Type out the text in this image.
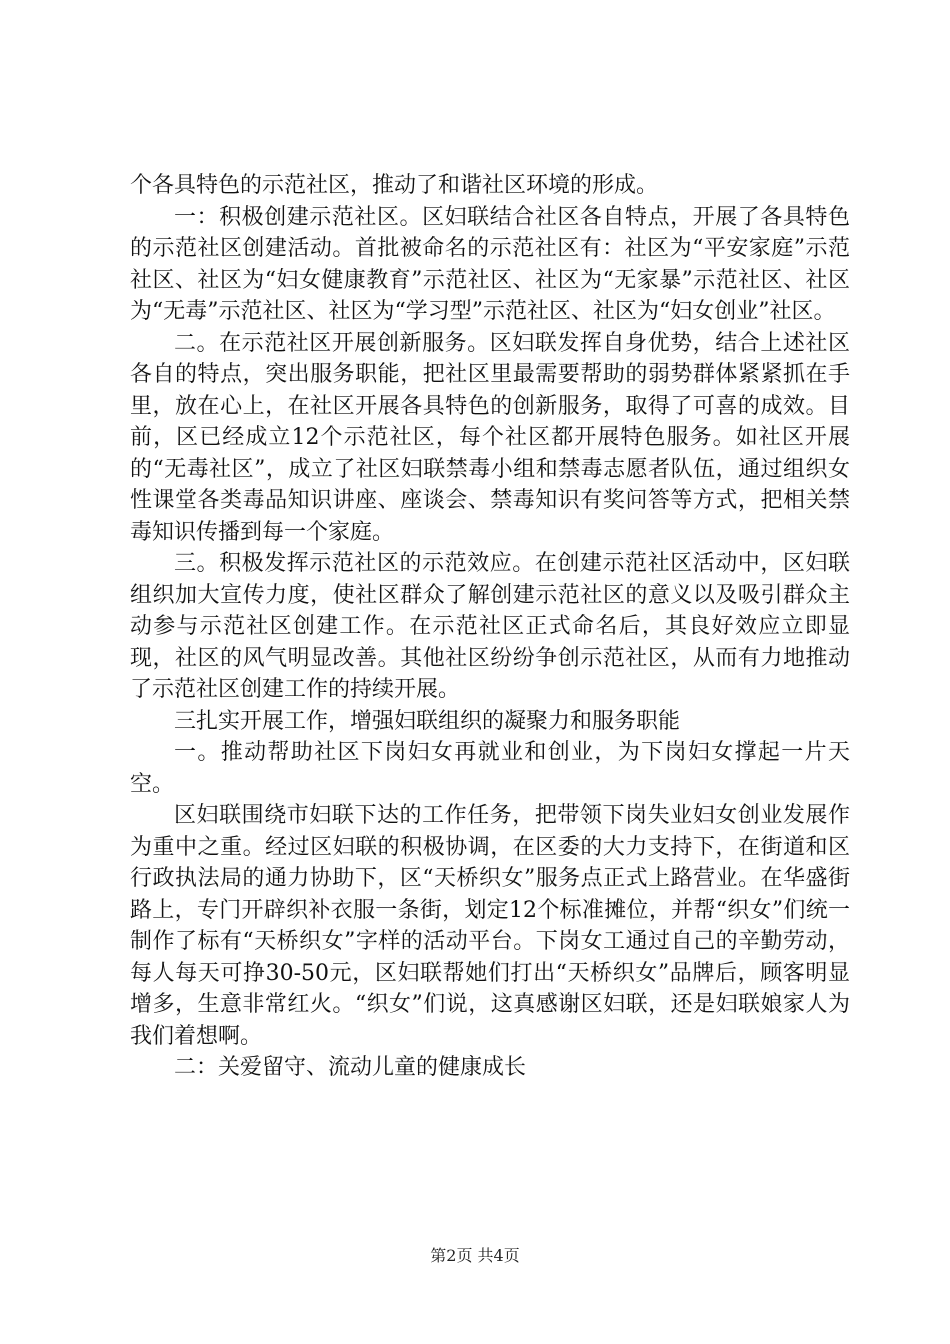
个各具特色的示范社区，推动了和谐社区环境的形成。

一：积极创建示范社区。区妇联结合社区各自特点，开展了各具特色的示范社区创建活动。首批被命名的示范社区有：社区为“平安家庭”示范社区、社区为“妇女健康教育”示范社区、社区为“无家暴”示范社区、社区为“无毒”示范社区、社区为“学习型”示范社区、社区为“妇女创业”社区。

二。在示范社区开展创新服务。区妇联发挥自身优势，结合上述社区各自的特点，突出服务职能，把社区里最需要帮助的弱势群体紧紧抓在手里，放在心上，在社区开展各具特色的创新服务，取得了可喜的成效。目前，区已经成立12个示范社区，每个社区都开展特色服务。如社区开展的“无毒社区”，成立了社区妇联禁毒小组和禁毒志愿者队伍，通过组织女性课堂各类毒品知识讲座、座谈会、禁毒知识有奖问答等方式，把相关禁毒知识传播到每一个家庭。

三。积极发挥示范社区的示范效应。在创建示范社区活动中，区妇联组织加大宣传力度，使社区群众了解创建示范社区的意义以及吸引群众主动参与示范社区创建工作。在示范社区正式命名后，其良好效应立即显现，社区的风气明显改善。其他社区纷纷争创示范社区，从而有力地推动了示范社区创建工作的持续开展。

三扎实开展工作，增强妇联组织的凝聚力和服务职能

一。推动帮助社区下岗妇女再就业和创业，为下岗妇女撑起一片天空。

区妇联围绕市妇联下达的工作任务，把带领下岗失业妇女创业发展作为重中之重。经过区妇联的积极协调，在区委的大力支持下，在街道和区行政执法局的通力协助下，区“天桥织女”服务点正式上路营业。在华盛街路上，专门开辟织补衣服一条街，划定12个标准摊位，并帮“织女”们统一制作了标有“天桥织女”字样的活动平台。下岗女工通过自己的辛勤劳动，每人每天可挣30-50元，区妇联帮她们打出“天桥织女”品牌后，顾客明显增多，生意非常红火。“织女”们说，这真感谢区妇联，还是妇联娘家人为我们着想啊。

二：关爱留守、流动儿童的健康成长

第2页 共4页
